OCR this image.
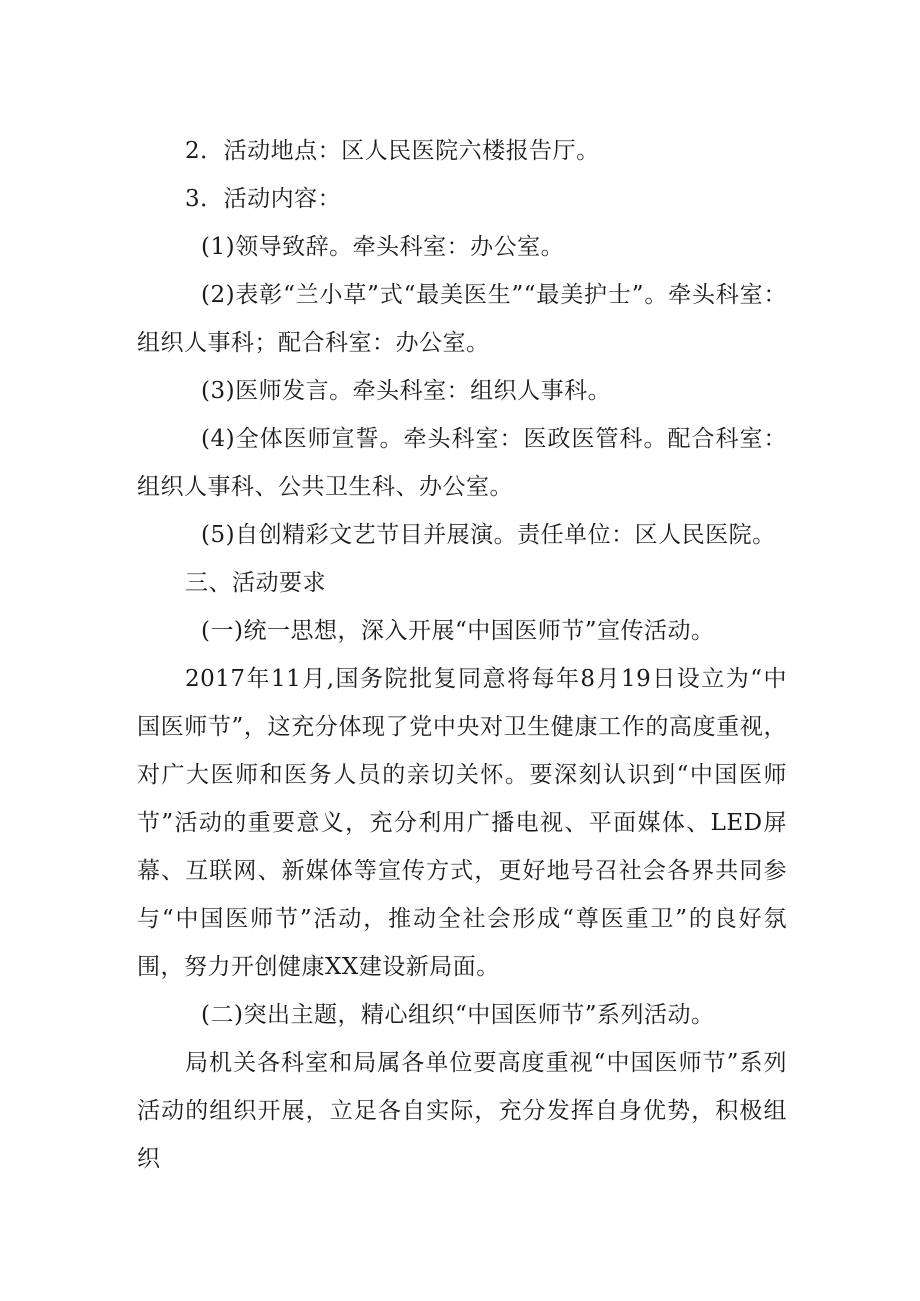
2．活动地点：区人民医院六楼报告厅。

3．活动内容：

(1)领导致辞。牵头科室：办公室。

(2)表彰“兰小草”式“最美医生”“最美护士”。牵头科室：组织人事科；配合科室：办公室。

(3)医师发言。牵头科室：组织人事科。

(4)全体医师宣誓。牵头科室：医政医管科。配合科室：组织人事科、公共卫生科、办公室。

(5)自创精彩文艺节目并展演。责任单位：区人民医院。

三、活动要求

(一)统一思想，深入开展“中国医师节”宣传活动。

2017年11月,国务院批复同意将每年8月19日设立为“中国医师节”，这充分体现了党中央对卫生健康工作的高度重视，对广大医师和医务人员的亲切关怀。要深刻认识到“中国医师节”活动的重要意义，充分利用广播电视、平面媒体、LED屏幕、互联网、新媒体等宣传方式，更好地号召社会各界共同参与“中国医师节”活动，推动全社会形成“尊医重卫”的良好氛围，努力开创健康XX建设新局面。

(二)突出主题，精心组织“中国医师节”系列活动。

局机关各科室和局属各单位要高度重视“中国医师节”系列活动的组织开展，立足各自实际，充分发挥自身优势，积极组织
